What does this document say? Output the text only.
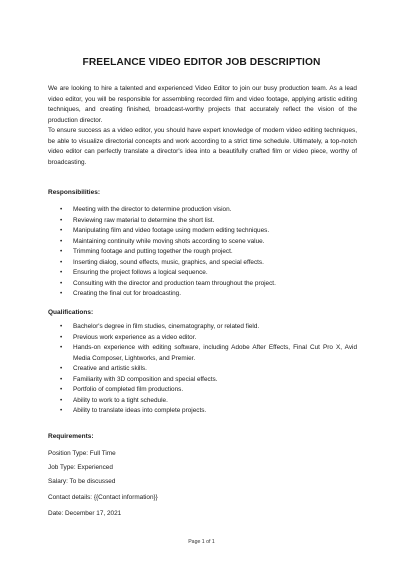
FREELANCE VIDEO EDITOR JOB DESCRIPTION

We are looking to hire a talented and experienced Video Editor to join our busy production team. As a lead video editor, you will be responsible for assembling recorded film and video footage, applying artistic editing techniques, and creating finished, broadcast-worthy projects that accurately reflect the vision of the production director.

To ensure success as a video editor, you should have expert knowledge of modern video editing techniques, be able to visualize directorial concepts and work according to a strict time schedule. Ultimately, a top-notch video editor can perfectly translate a director's idea into a beautifully crafted film or video piece, worthy of broadcasting.

Responsibilities:
• Meeting with the director to determine production vision.
• Reviewing raw material to determine the short list.
• Manipulating film and video footage using modern editing techniques.
• Maintaining continuity while moving shots according to scene value.
• Trimming footage and putting together the rough project.
• Inserting dialog, sound effects, music, graphics, and special effects.
• Ensuring the project follows a logical sequence.
• Consulting with the director and production team throughout the project.
• Creating the final cut for broadcasting.
Qualifications:
• Bachelor's degree in film studies, cinematography, or related field.
• Previous work experience as a video editor.
• Hands-on experience with editing software, including Adobe After Effects, Final Cut Pro X, Avid Media Composer, Lightworks, and Premier.
• Creative and artistic skills.
• Familiarity with 3D composition and special effects.
• Portfolio of completed film productions.
• Ability to work to a tight schedule.
• Ability to translate ideas into complete projects.
Requirements:
Position Type: Full Time
Job Type: Experienced
Salary: To be discussed
Contact details: {{Contact information}}
Date: December 17, 2021
Page 1 of 1
